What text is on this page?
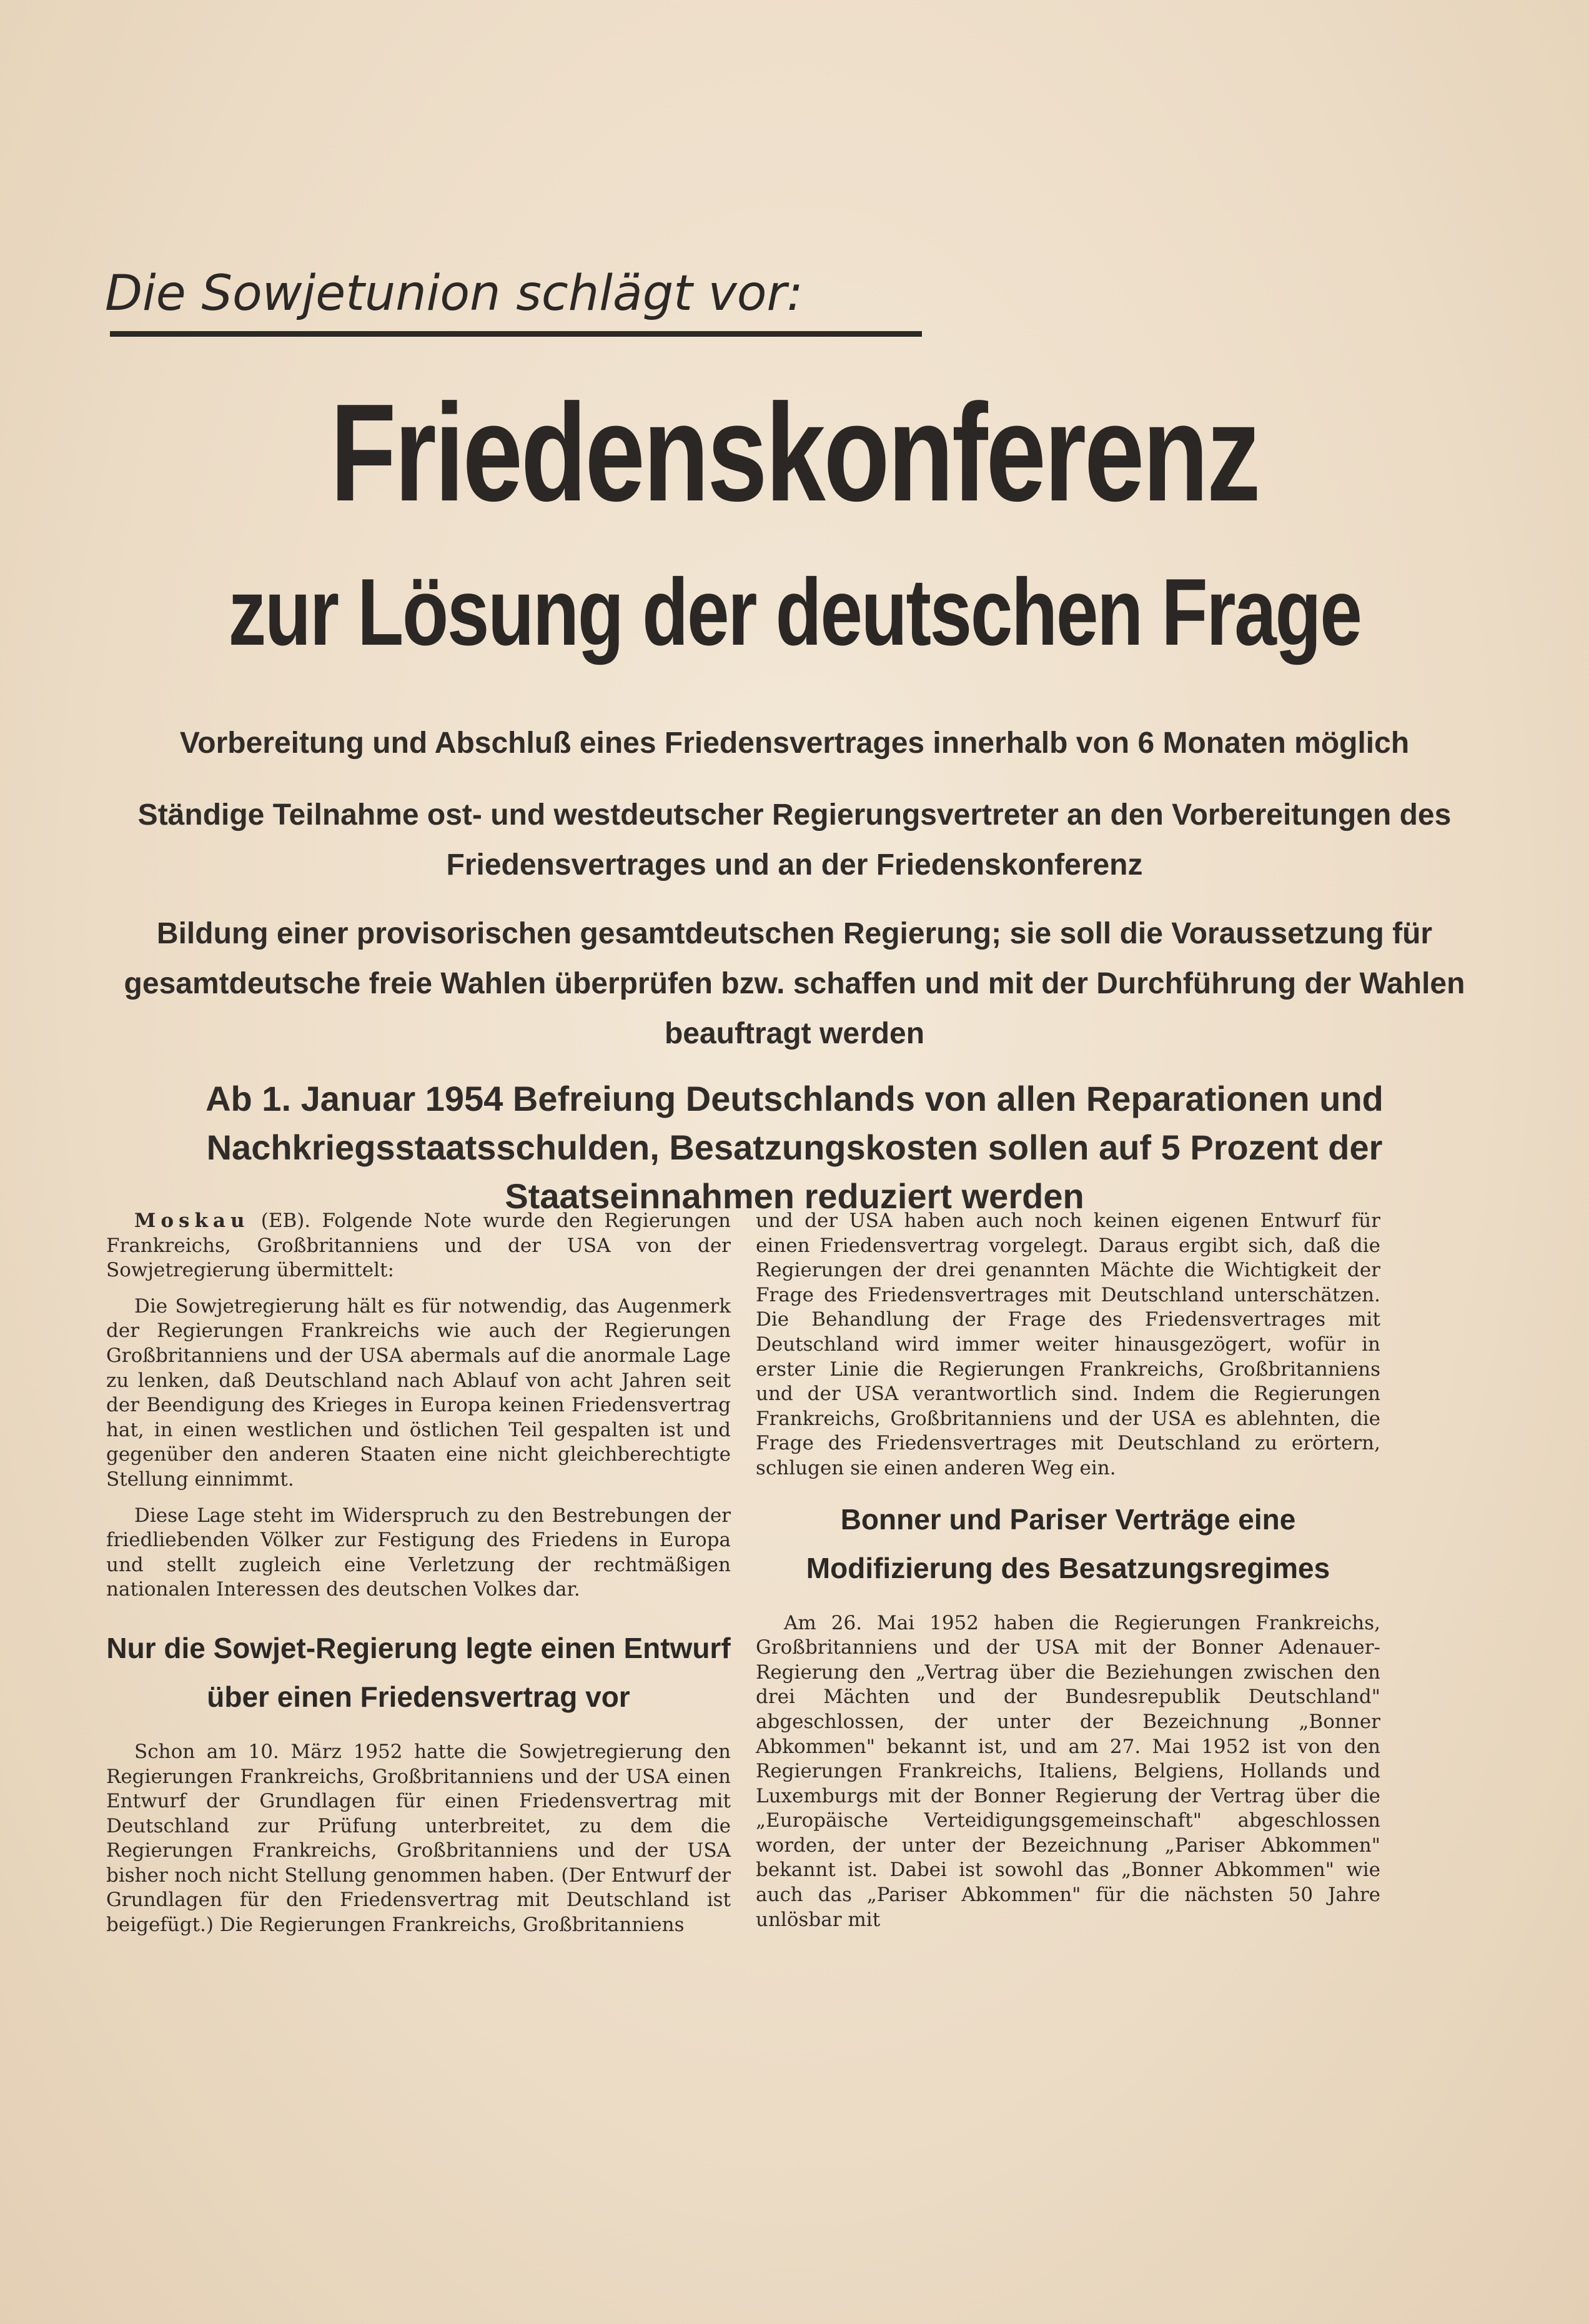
Die Sowjetunion schlägt vor:
Friedenskonferenz
zur Lösung der deutschen Frage
Vorbereitung und Abschluß eines Friedensvertrages innerhalb von 6 Monaten möglich
Ständige Teilnahme ost- und westdeutscher Regierungsvertreter an den Vorbereitungen des Friedensvertrages und an der Friedenskonferenz
Bildung einer provisorischen gesamtdeutschen Regierung; sie soll die Voraussetzung für gesamtdeutsche freie Wahlen überprüfen bzw. schaffen und mit der Durchführung der Wahlen beauftragt werden
Ab 1. Januar 1954 Befreiung Deutschlands von allen Reparationen und Nachkriegsstaatsschulden, Besatzungskosten sollen auf 5 Prozent der Staatseinnahmen reduziert werden

Moskau (EB). Folgende Note wurde den Regierungen Frankreichs, Großbritanniens und der USA von der Sowjetregierung übermittelt:

Die Sowjetregierung hält es für notwendig, das Augenmerk der Regierungen Frankreichs wie auch der Regierungen Großbritanniens und der USA abermals auf die anormale Lage zu lenken, daß Deutschland nach Ablauf von acht Jahren seit der Beendigung des Krieges in Europa keinen Friedensvertrag hat, in einen westlichen und östlichen Teil gespalten ist und gegenüber den anderen Staaten eine nicht gleichberechtigte Stellung einnimmt.

Diese Lage steht im Widerspruch zu den Bestrebungen der friedliebenden Völker zur Festigung des Friedens in Europa und stellt zugleich eine Verletzung der rechtmäßigen nationalen Interessen des deutschen Volkes dar.

Nur die Sowjet-Regierung legte einen Entwurf über einen Friedensvertrag vor

Schon am 10. März 1952 hatte die Sowjetregierung den Regierungen Frankreichs, Großbritanniens und der USA einen Entwurf der Grundlagen für einen Friedensvertrag mit Deutschland zur Prüfung unterbreitet, zu dem die Regierungen Frankreichs, Großbritanniens und der USA bisher noch nicht Stellung genommen haben. (Der Entwurf der Grundlagen für den Friedensvertrag mit Deutschland ist beigefügt.) Die Regierungen Frankreichs, Großbritanniens

und der USA haben auch noch keinen eigenen Entwurf für einen Friedensvertrag vorgelegt. Daraus ergibt sich, daß die Regierungen der drei genannten Mächte die Wichtigkeit der Frage des Friedensvertrages mit Deutschland unterschätzen. Die Behandlung der Frage des Friedensvertrages mit Deutschland wird immer weiter hinausgezögert, wofür in erster Linie die Regierungen Frankreichs, Großbritanniens und der USA verantwortlich sind. Indem die Regierungen Frankreichs, Großbritanniens und der USA es ablehnten, die Frage des Friedensvertrages mit Deutschland zu erörtern, schlugen sie einen anderen Weg ein.

Bonner und Pariser Verträge eine Modifizierung des Besatzungsregimes

Am 26. Mai 1952 haben die Regierungen Frankreichs, Großbritanniens und der USA mit der Bonner Adenauer-Regierung den „Vertrag über die Beziehungen zwischen den drei Mächten und der Bundesrepublik Deutschland" abgeschlossen, der unter der Bezeichnung „Bonner Abkommen" bekannt ist, und am 27. Mai 1952 ist von den Regierungen Frankreichs, Italiens, Belgiens, Hollands und Luxemburgs mit der Bonner Regierung der Vertrag über die „Europäische Verteidigungsgemeinschaft" abgeschlossen worden, der unter der Bezeichnung „Pariser Abkommen" bekannt ist. Dabei ist sowohl das „Bonner Abkommen" wie auch das „Pariser Abkommen" für die nächsten 50 Jahre unlösbar mit
